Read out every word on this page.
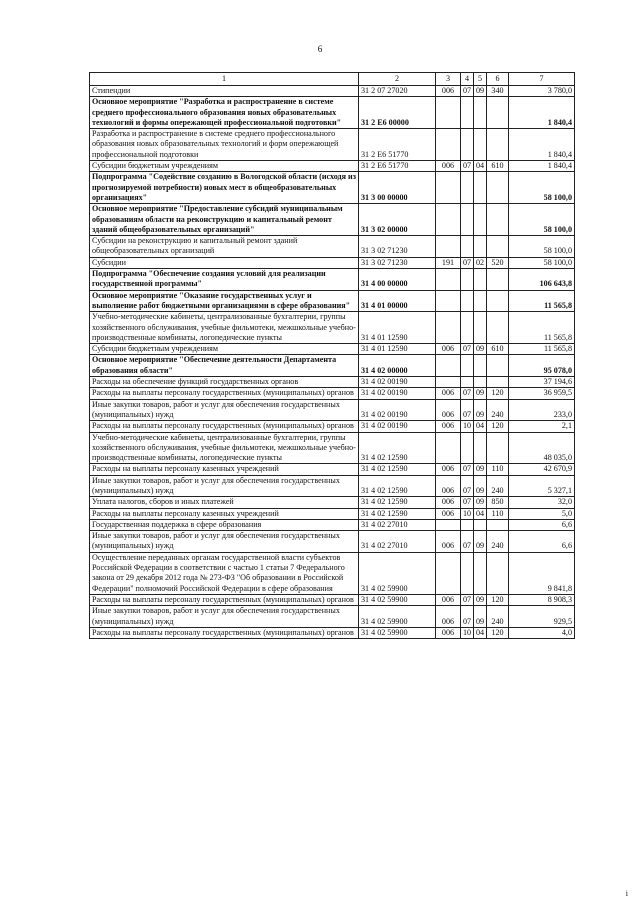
6
1	2	3	4	5	6	7
Стипендии	31 2 07 27020	006	07	09	340	3 780,0
Основное мероприятие "Разработка и распространение в системе среднего профессионального образования новых образовательных технологий и формы опережающей профессиональной подготовки"	31 2 Е6 00000					1 840,4
Разработка и распространение в системе среднего профессионального образования новых образовательных технологий и форм опережающей профессиональной подготовки	31 2 Е6 51770					1 840,4
Субсидии бюджетным учреждениям	31 2 Е6 51770	006	07	04	610	1 840,4
Подпрограмма "Содействие созданию в Вологодской области (исходя из прогнозируемой потребности) новых мест в общеобразовательных организациях"	31 3 00 00000					58 100,0
Основное мероприятие "Предоставление субсидий муниципальным образованиям области на реконструкцию и капитальный ремонт зданий общеобразовательных организаций"	31 3 02 00000					58 100,0
Субсидии на реконструкцию и капитальный ремонт зданий общеобразовательных организаций	31 3 02 71230					58 100,0
Субсидии	31 3 02 71230	191	07	02	520	58 100,0
Подпрограмма "Обеспечение создания условий для реализации государственной программы"	31 4 00 00000					106 643,8
Основное мероприятие "Оказание государственных услуг и выполнение работ бюджетными организациями в сфере образования"	31 4 01 00000					11 565,8
Учебно-методические кабинеты, централизованные бухгалтерии, группы хозяйственного обслуживания, учебные фильмотеки, межшкольные учебно-производственные комбинаты, логопедические пункты	31 4 01 12590					11 565,8
Субсидии бюджетным учреждениям	31 4 01 12590	006	07	09	610	11 565,8
Основное мероприятие "Обеспечение деятельности Департамента образования области"	31 4 02 00000					95 078,0
Расходы на обеспечение функций государственных органов	31 4 02 00190					37 194,6
Расходы на выплаты персоналу государственных (муниципальных) органов	31 4 02 00190	006	07	09	120	36 959,5
Иные закупки товаров, работ и услуг для обеспечения государственных (муниципальных) нужд	31 4 02 00190	006	07	09	240	233,0
Расходы на выплаты персоналу государственных (муниципальных) органов	31 4 02 00190	006	10	04	120	2,1
Учебно-методические кабинеты, централизованные бухгалтерии, группы хозяйственного обслуживания, учебные фильмотеки, межшкольные учебно-производственные комбинаты, логопедические пункты	31 4 02 12590					48 035,0
Расходы на выплаты персоналу казенных учреждений	31 4 02 12590	006	07	09	110	42 670,9
Иные закупки товаров, работ и услуг для обеспечения государственных (муниципальных) нужд	31 4 02 12590	006	07	09	240	5 327,1
Уплата налогов, сборов и иных платежей	31 4 02 12590	006	07	09	850	32,0
Расходы на выплаты персоналу казенных учреждений	31 4 02 12590	006	10	04	110	5,0
Государственная поддержка в сфере образования	31 4 02 27010					6,6
Иные закупки товаров, работ и услуг для обеспечения государственных (муниципальных) нужд	31 4 02 27010	006	07	09	240	6,6
Осуществление переданных органам государственной власти субъектов Российской Федерации в соответствии с частью 1 статьи 7 Федерального закона от 29 декабря 2012 года № 273-ФЗ "Об образовании в Российской Федерации" полномочий Российской Федерации в сфере образования	31 4 02 59900					9 841,8
Расходы на выплаты персоналу государственных (муниципальных) органов	31 4 02 59900	006	07	09	120	8 908,3
Иные закупки товаров, работ и услуг для обеспечения государственных (муниципальных) нужд	31 4 02 59900	006	07	09	240	929,5
Расходы на выплаты персоналу государственных (муниципальных) органов	31 4 02 59900	006	10	04	120	4,0
i
